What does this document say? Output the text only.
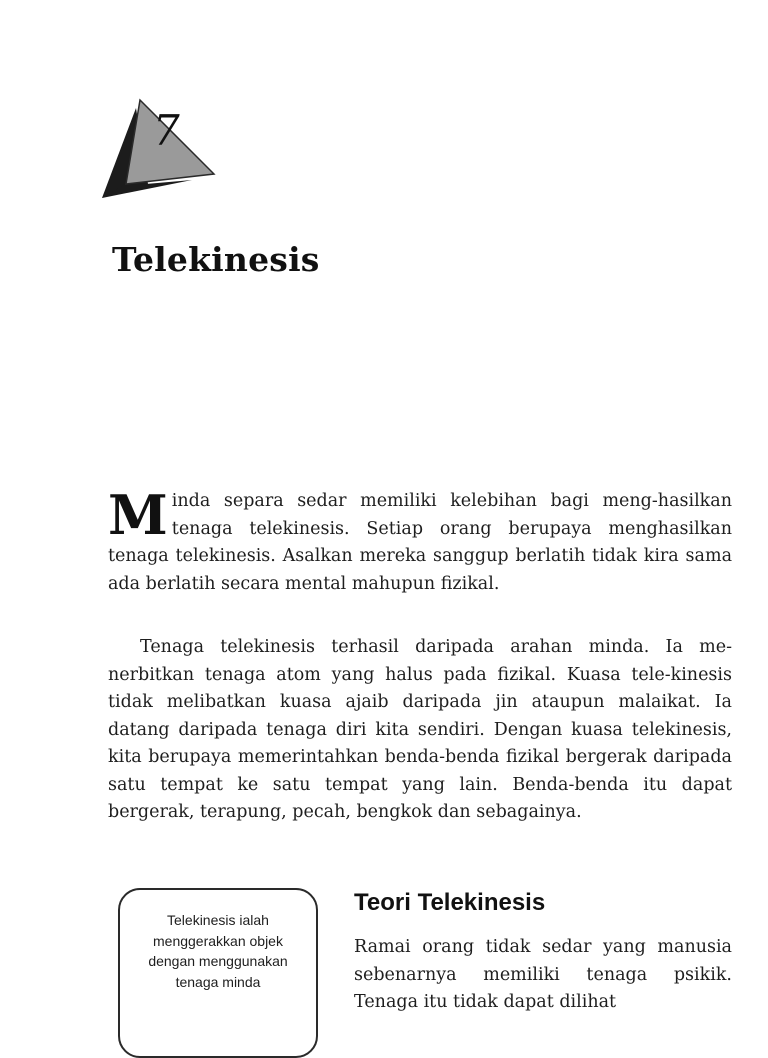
7
Telekinesis

Minda separa sedar memiliki kelebihan bagi meng-hasilkan tenaga telekinesis. Setiap orang berupaya menghasilkan tenaga telekinesis. Asalkan mereka sanggup berlatih tidak kira sama ada berlatih secara mental mahupun fizikal.

Tenaga telekinesis terhasil daripada arahan minda. Ia me-nerbitkan tenaga atom yang halus pada fizikal. Kuasa tele-kinesis tidak melibatkan kuasa ajaib daripada jin ataupun malaikat. Ia datang daripada tenaga diri kita sendiri. Dengan kuasa telekinesis, kita berupaya memerintahkan benda-benda fizikal bergerak daripada satu tempat ke satu tempat yang lain. Benda-benda itu dapat bergerak, terapung, pecah, bengkok dan sebagainya.

Telekinesis ialah menggerakkan objek dengan menggunakan tenaga minda
Teori Telekinesis

Ramai orang tidak sedar yang manusia sebenarnya memiliki tenaga psikik. Tenaga itu tidak dapat dilihat
